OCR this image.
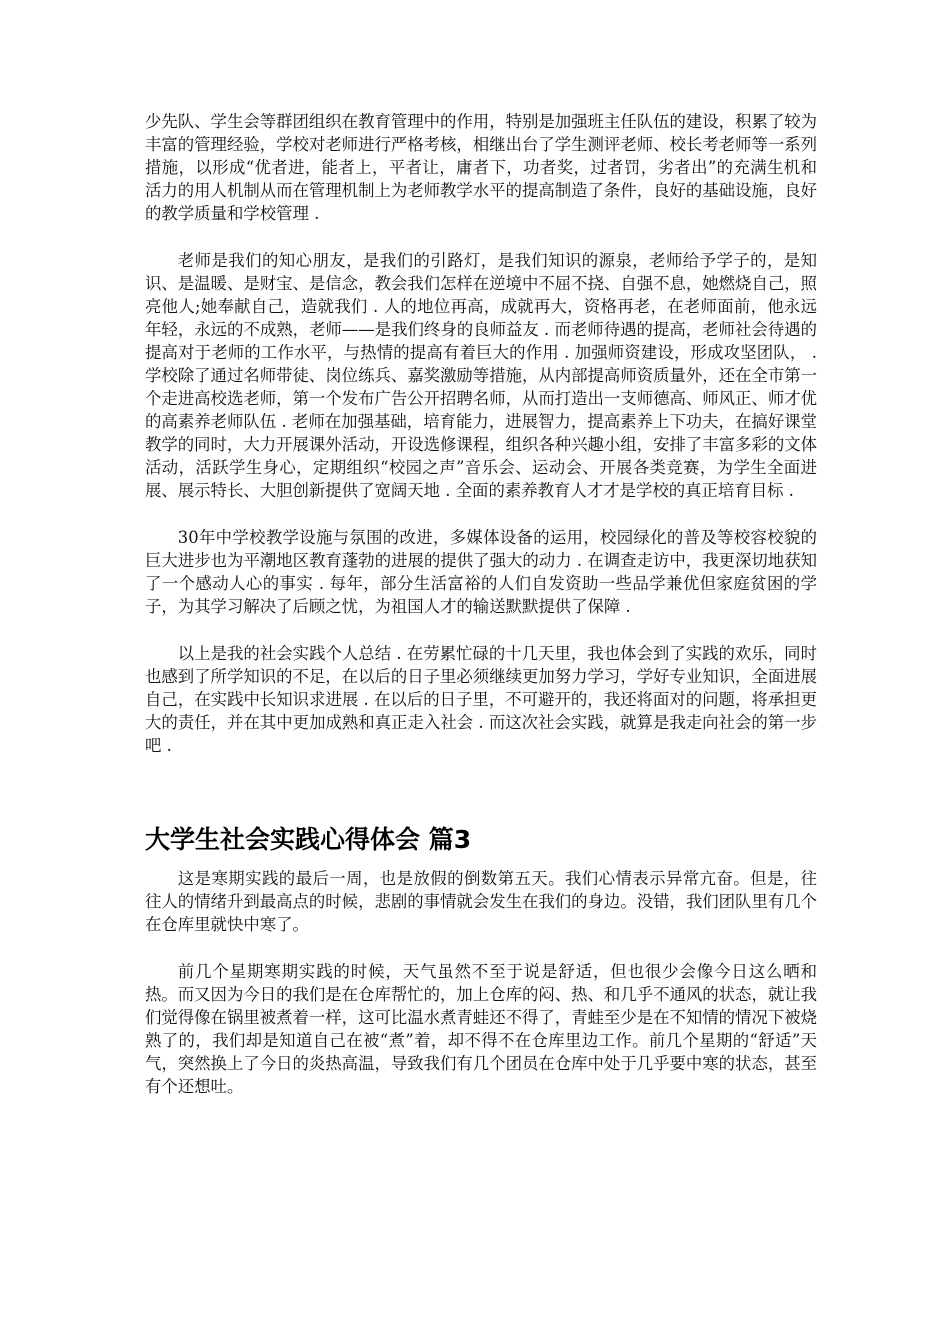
少先队、学生会等群团组织在教育管理中的作用，特别是加强班主任队伍的建设，积累了较为丰富的管理经验，学校对老师进行严格考核，相继出台了学生测评老师、校长考老师等一系列措施，以形成“优者进，能者上，平者让，庸者下，功者奖，过者罚，劣者出”的充满生机和活力的用人机制从而在管理机制上为老师教学水平的提高制造了条件，良好的基础设施，良好的教学质量和学校管理 .

老师是我们的知心朋友，是我们的引路灯，是我们知识的源泉，老师给予学子的，是知识、是温暖、是财宝、是信念，教会我们怎样在逆境中不屈不挠、自强不息，她燃烧自己，照亮他人;她奉献自己，造就我们 . 人的地位再高，成就再大，资格再老，在老师面前，他永远年轻，永远的不成熟，老师——是我们终身的良师益友 . 而老师待遇的提高，老师社会待遇的提高对于老师的工作水平，与热情的提高有着巨大的作用 . 加强师资建设，形成攻坚团队， . 学校除了通过名师带徒、岗位练兵、嘉奖激励等措施，从内部提高师资质量外，还在全市第一个走进高校选老师，第一个发布广告公开招聘名师，从而打造出一支师德高、师风正、师才优的高素养老师队伍 . 老师在加强基础，培育能力，进展智力，提高素养上下功夫，在搞好课堂教学的同时，大力开展课外活动，开设选修课程，组织各种兴趣小组，安排了丰富多彩的文体活动，活跃学生身心，定期组织“校园之声”音乐会、运动会、开展各类竞赛，为学生全面进展、展示特长、大胆创新提供了宽阔天地 . 全面的素养教育人才才是学校的真正培育目标 .

30年中学校教学设施与氛围的改进，多媒体设备的运用，校园绿化的普及等校容校貌的巨大进步也为平潮地区教育蓬勃的进展的提供了强大的动力 . 在调查走访中，我更深切地获知了一个感动人心的事实 . 每年，部分生活富裕的人们自发资助一些品学兼优但家庭贫困的学子，为其学习解决了后顾之忧，为祖国人才的输送默默提供了保障 .

以上是我的社会实践个人总结 . 在劳累忙碌的十几天里，我也体会到了实践的欢乐，同时也感到了所学知识的不足，在以后的日子里必须继续更加努力学习，学好专业知识，全面进展自己，在实践中长知识求进展 . 在以后的日子里，不可避开的，我还将面对的问题，将承担更大的责任，并在其中更加成熟和真正走入社会 . 而这次社会实践，就算是我走向社会的第一步吧 .

大学生社会实践心得体会 篇3

这是寒期实践的最后一周，也是放假的倒数第五天。我们心情表示异常亢奋。但是，往往人的情绪升到最高点的时候，悲剧的事情就会发生在我们的身边。没错，我们团队里有几个在仓库里就快中寒了。

前几个星期寒期实践的时候，天气虽然不至于说是舒适，但也很少会像今日这么晒和热。而又因为今日的我们是在仓库帮忙的，加上仓库的闷、热、和几乎不通风的状态，就让我们觉得像在锅里被煮着一样，这可比温水煮青蛙还不得了，青蛙至少是在不知情的情况下被烧熟了的，我们却是知道自己在被“煮”着，却不得不在仓库里边工作。前几个星期的“舒适”天气，突然换上了今日的炎热高温，导致我们有几个团员在仓库中处于几乎要中寒的状态，甚至有个还想吐。
